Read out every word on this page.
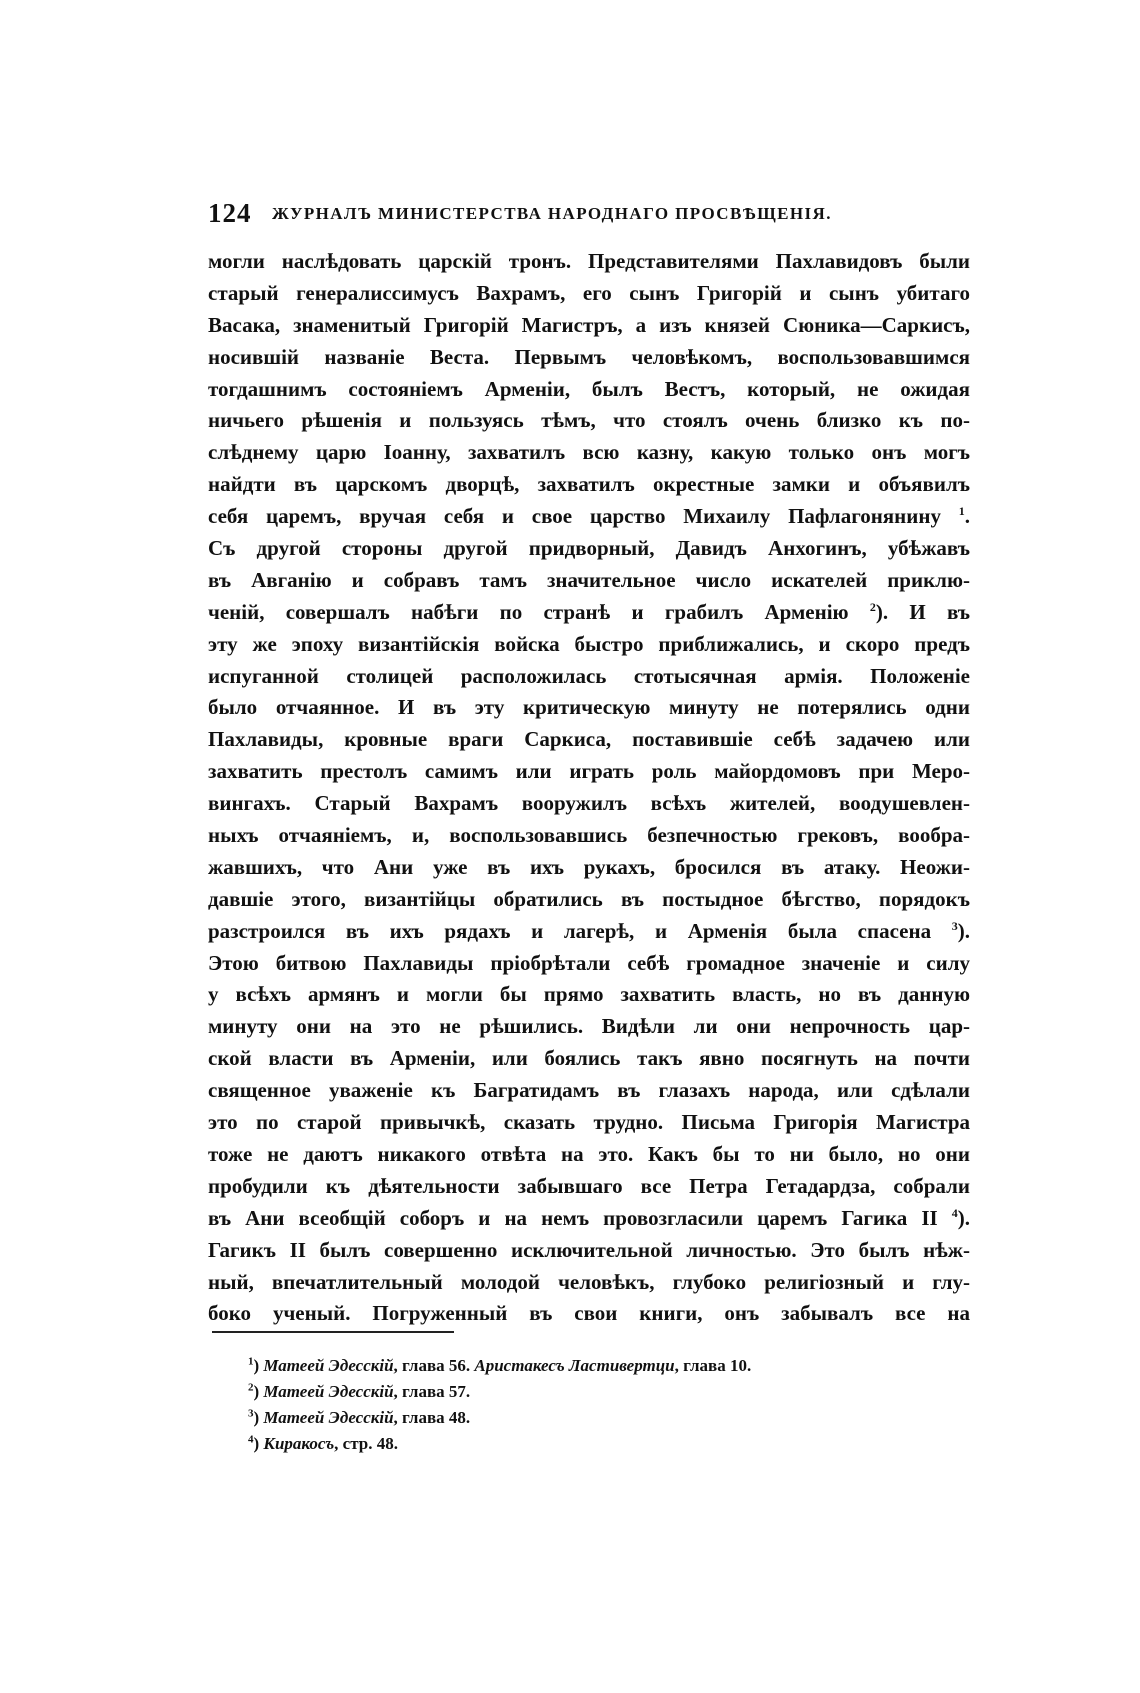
124 ЖУРНАЛЪ МИНИСТЕРСТВА НАРОДНАГО ПРОСВѢЩЕНІЯ.
могли наслѣдовать царскій тронъ. Представителями Пахлавидовъ были
старый генералиссимусъ Вахрамъ, его сынъ Григорій и сынъ убитаго
Васака, знаменитый Григорій Магистръ, а изъ князей Сюника—Саркисъ,
носившій названіе Веста. Первымъ человѣкомъ, воспользовавшимся
тогдашнимъ состояніемъ Арменіи, былъ Вестъ, который, не ожидая
ничьего рѣшенія и пользуясь тѣмъ, что стоялъ очень близко къ по-
слѣднему царю Іоанну, захватилъ всю казну, какую только онъ могъ
найдти въ царскомъ дворцѣ, захватилъ окрестные замки и объявилъ
себя царемъ, вручая себя и свое царство Михаилу Пафлагонянину $^1$.
Съ другой стороны другой придворный, Давидъ Анхогинъ, убѣжавъ
въ Авганію и собравъ тамъ значительное число искателей приклю-
ченій, совершалъ набѣги по странѣ и грабилъ Арменію $^2$). И въ
эту же эпоху византійскія войска быстро приближались, и скоро предъ
испуганной столицей расположилась стотысячная армія. Положеніе
было отчаянное. И въ эту критическую минуту не потерялись одни
Пахлавиды, кровные враги Саркиса, поставившіе себѣ задачею или
захватить престолъ самимъ или играть роль майордомовъ при Меро-
вингахъ. Старый Вахрамъ вооружилъ всѣхъ жителей, воодушевлен-
ныхъ отчаяніемъ, и, воспользовавшись безпечностью грековъ, вообра-
жавшихъ, что Ани уже въ ихъ рукахъ, бросился въ атаку. Неожи-
давшіе этого, византійцы обратились въ постыдное бѣгство, порядокъ
разстроился въ ихъ рядахъ и лагерѣ, и Арменія была спасена $^3$).
Этою битвою Пахлавиды пріобрѣтали себѣ громадное значеніе и силу
у всѣхъ армянъ и могли бы прямо захватить власть, но въ данную
минуту они на это не рѣшились. Видѣли ли они непрочность цар-
ской власти въ Арменіи, или боялись такъ явно посягнуть на почти
священное уваженіе къ Багратидамъ въ глазахъ народа, или сдѣлали
это по старой привычкѣ, сказать трудно. Письма Григорія Магистра
тоже не даютъ никакого отвѣта на это. Какъ бы то ни было, но они
пробудили къ дѣятельности забывшаго все Петра Гетадардза, собрали
въ Ани всеобщій соборъ и на немъ провозгласили царемъ Гагика II $^4$).
Гагикъ II былъ совершенно исключительной личностью. Это былъ нѣж-
ный, впечатлительный молодой человѣкъ, глубоко религіозный и глу-
боко ученый. Погруженный въ свои книги, онъ забывалъ все на
$^1$) Матеей Эдесскій, глава 56. Аристакесъ Ластивертци, глава 10.
$^2$) Матеей Эдесскій, глава 57.
$^3$) Матеей Эдесскій, глава 48.
$^4$) Киракосъ, стр. 48.
